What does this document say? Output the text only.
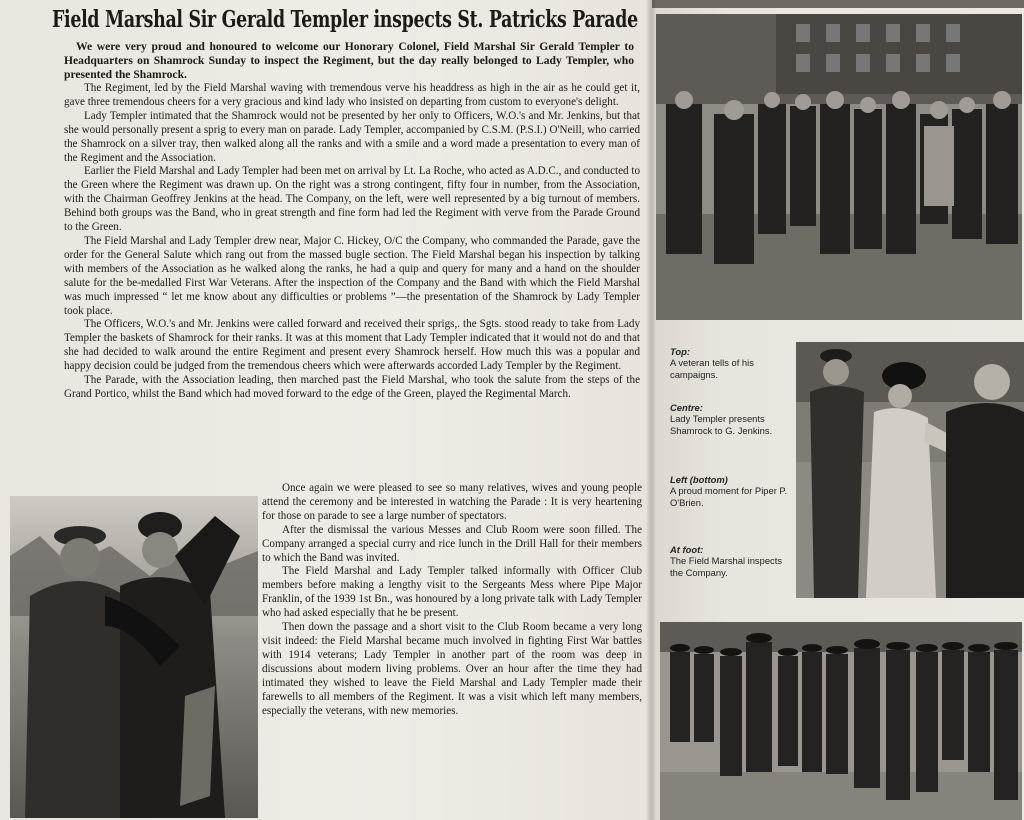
Field Marshal Sir Gerald Templer inspects St. Patricks Parade
We were very proud and honoured to welcome our Honorary Colonel, Field Marshal Sir Gerald Templer to Headquarters on Shamrock Sunday to inspect the Regiment, but the day really belonged to Lady Templer, who presented the Shamrock.

The Regiment, led by the Field Marshal waving with tremendous verve his headdress as high in the air as he could get it, gave three tremendous cheers for a very gracious and kind lady who insisted on departing from custom to everyone's delight.

Lady Templer intimated that the Shamrock would not be presented by her only to Officers, W.O.'s and Mr. Jenkins, but that she would personally present a sprig to every man on parade. Lady Templer, accompanied by C.S.M. (P.S.I.) O'Neill, who carried the Shamrock on a silver tray, then walked along all the ranks and with a smile and a word made a presentation to every man of the Regiment and the Association.

Earlier the Field Marshal and Lady Templer had been met on arrival by Lt. La Roche, who acted as A.D.C., and conducted to the Green where the Regiment was drawn up. On the right was a strong contingent, fifty four in number, from the Association, with the Chairman Geoffrey Jenkins at the head. The Company, on the left, were well represented by a big turnout of members. Behind both groups was the Band, who in great strength and fine form had led the Regiment with verve from the Parade Ground to the Green.

The Field Marshal and Lady Templer drew near, Major C. Hickey, O/C the Company, who commanded the Parade, gave the order for the General Salute which rang out from the massed bugle section. The Field Marshal began his inspection by talking with members of the Association as he walked along the ranks, he had a quip and query for many and a hand on the shoulder salute for the be-medalled First War Veterans. After the inspection of the Company and the Band with which the Field Marshal was much impressed “ let me know about any difficulties or problems ”—the presentation of the Shamrock by Lady Templer took place.

The Officers, W.O.'s and Mr. Jenkins were called forward and received their sprigs,. the Sgts. stood ready to take from Lady Templer the baskets of Shamrock for their ranks. It was at this moment that Lady Templer indicated that it would not do and that she had decided to walk around the entire Regiment and present every Shamrock herself. How much this was a popular and happy decision could be judged from the tremendous cheers which were afterwards accorded Lady Templer by the Regiment.

The Parade, with the Association leading, then marched past the Field Marshal, who took the salute from the steps of the Grand Portico, whilst the Band which had moved forward to the edge of the Green, played the Regimental March.

Once again we were pleased to see so many relatives, wives and young people attend the ceremony and be interested in watching the Parade : It is very heartening for those on parade to see a large number of spectators.

After the dismissal the various Messes and Club Room were soon filled. The Company arranged a special curry and rice lunch in the Drill Hall for their members to which the Band was invited.

The Field Marshal and Lady Templer talked informally with Officer Club members before making a lengthy visit to the Sergeants Mess where Pipe Major Franklin, of the 1939 1st Bn., was honoured by a long private talk with Lady Templer who had asked especially that he be present.

Then down the passage and a short visit to the Club Room became a very long visit indeed: the Field Marshal became much involved in fighting First War battles with 1914 veterans; Lady Templer in another part of the room was deep in discussions about modern living problems. Over an hour after the time they had intimated they wished to leave the Field Marshal and Lady Templer made their farewells to all members of the Regiment. It was a visit which left many members, especially the veterans, with new memories.

Top:
A veteran tells of his campaigns.
Centre:
Lady Templer presents Shamrock to G. Jenkins.
Left (bottom)
A proud moment for Piper P. O'Brien.
At foot:
The Field Marshal inspects the Company.
